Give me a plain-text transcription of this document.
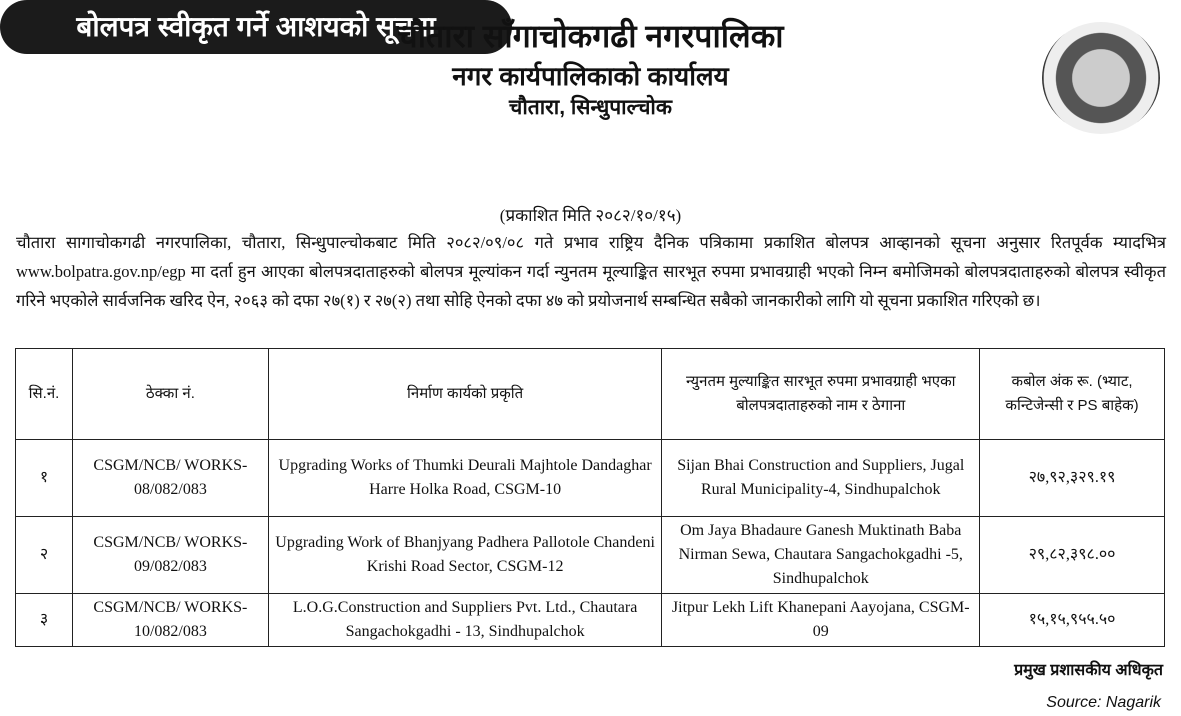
चौतारा साँगाचोकगढी नगरपालिका
नगर कार्यपालिकाको कार्यालय
चौतारा, सिन्धुपाल्चोक
बोलपत्र स्वीकृत गर्ने आशयको सूचना
(प्रकाशित मिति २०८२/१०/१५)
चौतारा सागाचोकगढी नगरपालिका, चौतारा, सिन्धुपाल्चोकबाट मिति २०८२/०९/०८ गते प्रभाव राष्ट्रिय दैनिक पत्रिकामा प्रकाशित बोलपत्र आव्हानको सूचना अनुसार रितपूर्वक म्यादभित्र www.bolpatra.gov.np/egp मा दर्ता हुन आएका बोलपत्रदाताहरुको बोलपत्र मूल्यांकन गर्दा न्युनतम मूल्याङ्कित सारभूत रुपमा प्रभावग्राही भएको निम्न बमोजिमको बोलपत्रदाताहरुको बोलपत्र स्वीकृत गरिने भएकोले सार्वजनिक खरिद ऐन, २०६३ को दफा २७(१) र २७(२) तथा सोहि ऐनको दफा ४७ को प्रयोजनार्थ सम्बन्धित सबैको जानकारीको लागि यो सूचना प्रकाशित गरिएको छ।
सि.नं.	ठेक्का नं.	निर्माण कार्यको प्रकृति	न्युनतम मुल्याङ्कित सारभूत रुपमा प्रभावग्राही भएका बोलपत्रदाताहरुको नाम र ठेगाना	कबोल अंक रू. (भ्याट, कन्टिजेन्सी र PS बाहेक)
१	CSGM/NCB/ WORKS-08/082/083	Upgrading Works of Thumki Deurali Majhtole Dandaghar Harre Holka Road, CSGM-10	Sijan Bhai Construction and Suppliers, Jugal Rural Municipality-4, Sindhupalchok	२७,९२,३२९.१९
२	CSGM/NCB/ WORKS-09/082/083	Upgrading Work of Bhanjyang Padhera Pallotole Chandeni Krishi Road Sector, CSGM-12	Om Jaya Bhadaure Ganesh Muktinath Baba Nirman Sewa, Chautara Sangachokgadhi -5, Sindhupalchok	२९,८२,३९८.००
३	CSGM/NCB/ WORKS-10/082/083	L.O.G.Construction and Suppliers Pvt. Ltd., Chautara Sangachokgadhi - 13, Sindhupalchok	Jitpur Lekh Lift Khanepani Aayojana, CSGM-09	१५,१५,९५५.५०
प्रमुख प्रशासकीय अधिकृत
Source: Nagarik
